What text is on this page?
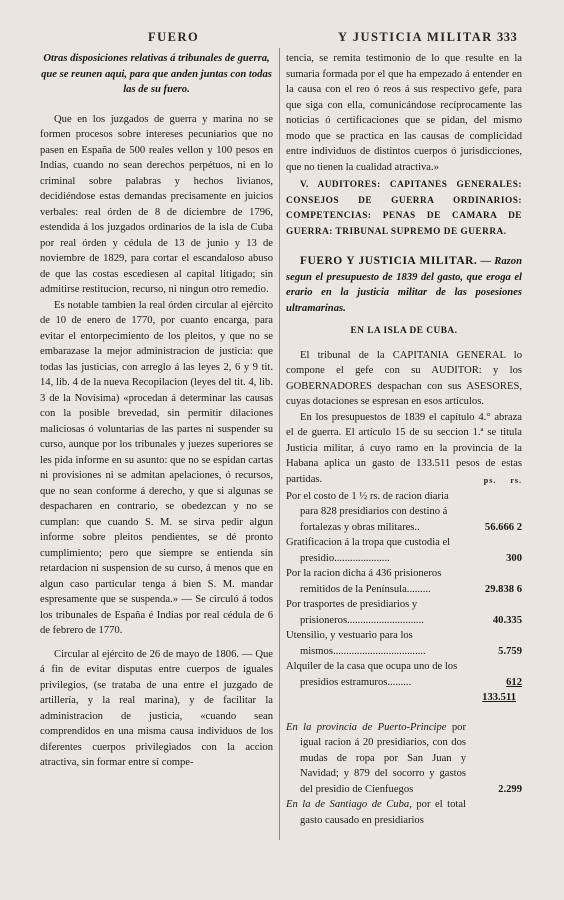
FUERO	Y JUSTICIA MILITAR 333

Otras disposiciones relativas á tribunales de guerra, que se reunen aqui, para que anden juntas con todas las de su fuero.

Que en los juzgados de guerra y marina no se formen procesos sobre intereses pecuniarios que no pasen en España de 500 reales vellon y 100 pesos en Indias, cuando no sean derechos perpétuos, ni en lo criminal sobre palabras y hechos livianos, decidiéndose estas demandas precisamente en juicios verbales: real órden de 8 de diciembre de 1796, estendida á los juzgados ordinarios de la isla de Cuba por real órden y cédula de 13 de junio y 13 de noviembre de 1829, para cortar el escandaloso abuso de que las costas escediesen al capital litigado; sin admitirse restitucion, recurso, ni ningun otro remedio.

Es notable tambien la real órden circular al ejército de 10 de enero de 1770, por cuanto encarga, para evitar el entorpecimiento de los pleitos, y que no se embarazase la mejor administracion de justicia: que todas las justicias, con arreglo á las leyes 2, 6 y 9 tit. 14, lib. 4 de la nueva Recopilacion (leyes del tit. 4, lib. 3 de la Novísima) «procedan á determinar las causas con la posible brevedad, sin permitir dilaciones maliciosas ó voluntarias de las partes ni suspender su curso, aunque por los tribunales y juezes superiores se les pida informe en su asunto: que no se espidan cartas ni provisiones ni se admitan apelaciones, ó recursos, que no sean conforme á derecho, y que si algunas se despacharen en contrario, se obedezcan y no se cumplan: que cuando S. M. se sirva pedir algun informe sobre pleitos pendientes, se dé pronto cumplimiento; pero que siempre se entienda sin retardacion ni suspension de su curso, á menos que en algun caso particular tenga á bien S. M. mandar espresamente que se suspenda.» — Se circuló á todos los tribunales de España é Indias por real cédula de 6 de febrero de 1770.

Circular al ejército de 26 de mayo de 1806. — Que á fin de evitar disputas entre cuerpos de iguales privilegios, (se trataba de una entre el juzgado de artillería, y la real marina), y de facilitar la administracion de justicia, «cuando sean comprendidos en una misma causa individuos de los diferentes cuerpos privilegiados con la accion atractiva, sin formar entre sí compe-

tencia, se remita testimonio de lo que resulte en la sumaria formada por el que ha empezado á entender en la causa con el reo ó reos á sus respectivo gefe, para que siga con ella, comunicándose recíprocamente las noticias ó certificaciones que se pidan, del mismo modo que se practica en las causas de complicidad entre individuos de distintos cuerpos ó jurisdicciones, que no tienen la cualidad atractiva.»

V. AUDITORES: CAPITANES GENERALES: CONSEJOS DE GUERRA ORDINARIOS: COMPETENCIAS: PENAS DE CAMARA DE GUERRA: TRIBUNAL SUPREMO DE GUERRA.

FUERO Y JUSTICIA MILITAR. — Razon segun el presupuesto de 1839 del gasto, que eroga el erario en la justicia militar de las posesiones ultramarinas.

EN LA ISLA DE CUBA.

El tribunal de la CAPITANIA GENERAL lo compone el gefe con su AUDITOR: y los GOBERNADORES despachan con sus ASESORES, cuyas dotaciones se espresan en esos artículos.

En los presupuestos de 1839 el capítulo 4.° abraza el de guerra. El artículo 15 de su seccion 1.ª se titula Justicia militar, á cuyo ramo en la provincia de la Habana aplica un gasto de 133.511 pesos de estas partidas.	ps. rs.
Por el costo de 1 ½ rs. de racion diaria para 828 presidiarios con destino á fortalezas y obras militares..	56.666 2
Gratificacion á la tropa que custodia el presidio.....................	300
Por la racion dicha á 436 prisioneros remitidos de la Península.........	29.838 6
Por trasportes de presidiarios y prisioneros.............................	40.335
Utensilio, y vestuario para los mismos...................................	5.759
Alquiler de la casa que ocupa uno de los presidios estramuros.........	612
133.511

En la provincia de Puerto-Principe por igual racion á 20 presidiarios, con dos mudas de ropa por San Juan y Navidad; y 879 del socorro y gastos del presidio de Cienfuegos	2.299

En la de Santiago de Cuba, por el total gasto causado en presidiarios
